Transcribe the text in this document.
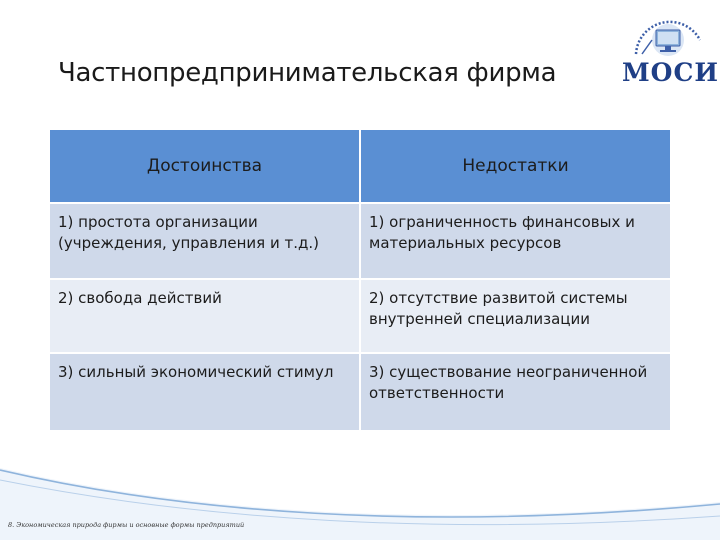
Частнопредпринимательская фирма	МОСИ
Достоинства	Недостатки
1) простота организации (учреждения, управления и т.д.)	1) ограниченность финансовых и материальных ресурсов
2) свобода действий	2) отсутствие развитой системы внутренней специализации
3) сильный экономический стимул	3) существование неограниченной ответственности
8. Экономическая природа фирмы и основные формы предприятий
